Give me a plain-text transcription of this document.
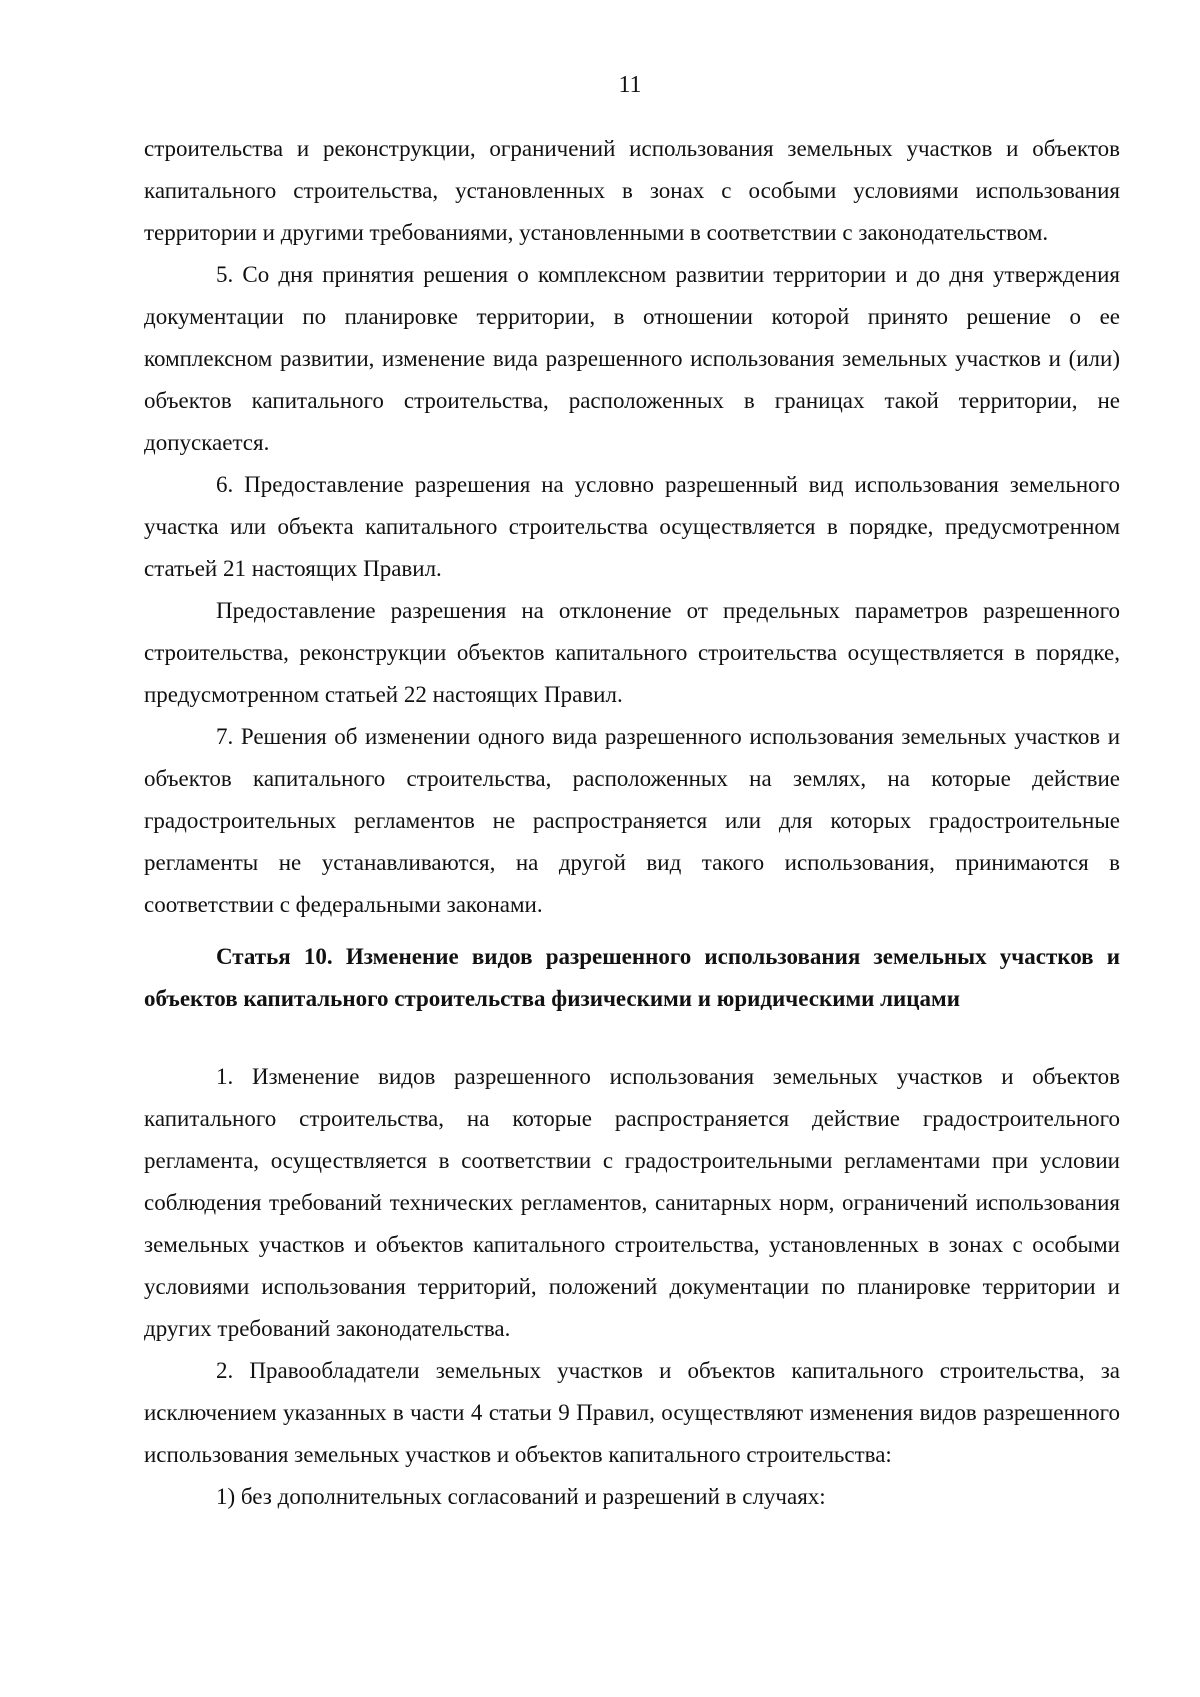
11

строительства и реконструкции, ограничений использования земельных участков и объектов капитального строительства, установленных в зонах с особыми условиями использования территории и другими требованиями, установленными в соответствии с законодательством.

5. Со дня принятия решения о комплексном развитии территории и до дня утверждения документации по планировке территории, в отношении которой принято решение о ее комплексном развитии, изменение вида разрешенного использования земельных участков и (или) объектов капитального строительства, расположенных в границах такой территории, не допускается.

6. Предоставление разрешения на условно разрешенный вид использования земельного участка или объекта капитального строительства осуществляется в порядке, предусмотренном статьей 21 настоящих Правил.

Предоставление разрешения на отклонение от предельных параметров разрешенного строительства, реконструкции объектов капитального строительства осуществляется в порядке, предусмотренном статьей 22 настоящих Правил.

7. Решения об изменении одного вида разрешенного использования земельных участков и объектов капитального строительства, расположенных на землях, на которые действие градостроительных регламентов не распространяется или для которых градостроительные регламенты не устанавливаются, на другой вид такого использования, принимаются в соответствии с федеральными законами.

Статья 10. Изменение видов разрешенного использования земельных участков и объектов капитального строительства физическими и юридическими лицами

1. Изменение видов разрешенного использования земельных участков и объектов капитального строительства, на которые распространяется действие градостроительного регламента, осуществляется в соответствии с градостроительными регламентами при условии соблюдения требований технических регламентов, санитарных норм, ограничений использования земельных участков и объектов капитального строительства, установленных в зонах с особыми условиями использования территорий, положений документации по планировке территории и других требований законодательства.

2. Правообладатели земельных участков и объектов капитального строительства, за исключением указанных в части 4 статьи 9 Правил, осуществляют изменения видов разрешенного использования земельных участков и объектов капитального строительства:

1) без дополнительных согласований и разрешений в случаях:
